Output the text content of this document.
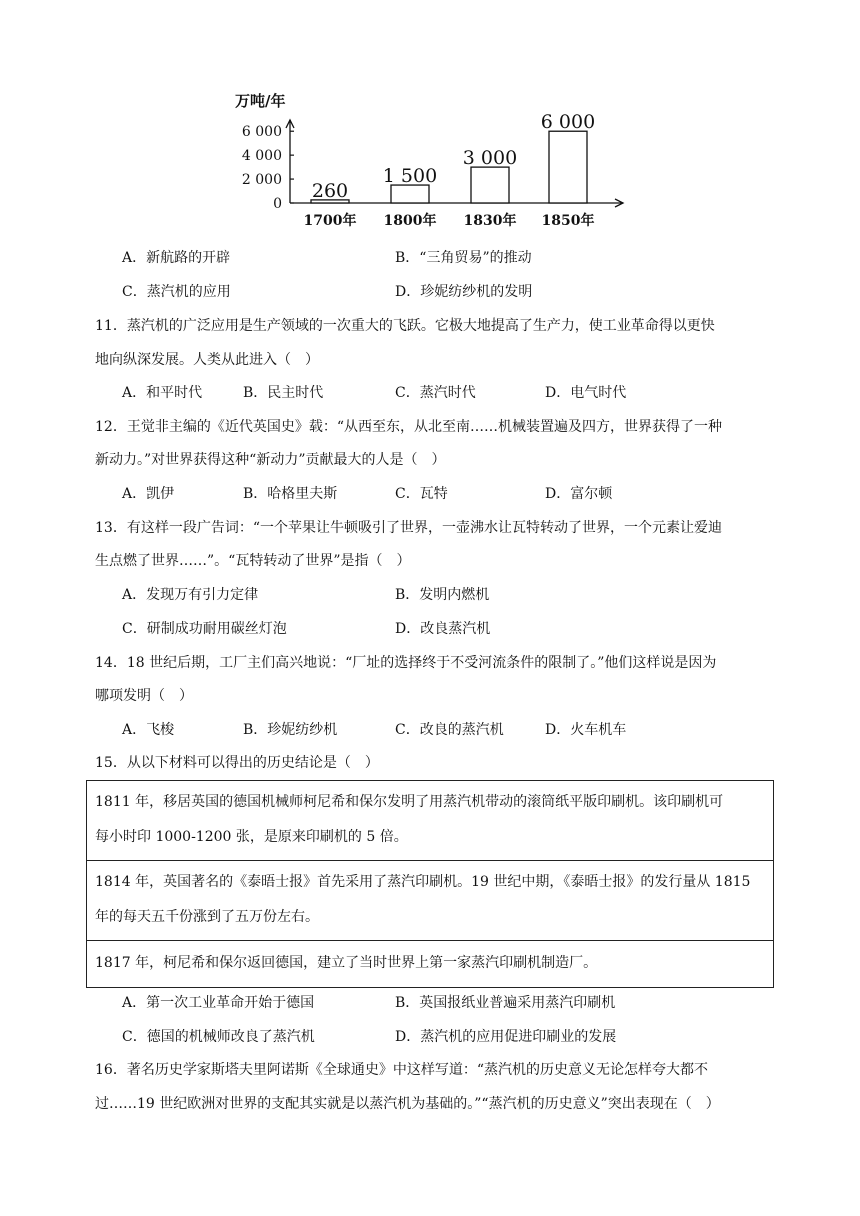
万吨/年
0
2 000
4 000
6 000
260
1700年
1 500
1800年
3 000
1830年
6 000
1850年
A．新航路的开辟	B．“三角贸易”的推动
C．蒸汽机的应用	D．珍妮纺纱机的发明
11．蒸汽机的广泛应用是生产领域的一次重大的飞跃。它极大地提高了生产力，使工业革命得以更快
地向纵深发展。人类从此进入（　）
A．和平时代	B．民主时代	C．蒸汽时代	D．电气时代
12．王觉非主编的《近代英国史》载：“从西至东，从北至南……机械装置遍及四方，世界获得了一种
新动力。”对世界获得这种“新动力”贡献最大的人是（　）
A．凯伊	B．哈格里夫斯	C．瓦特	D．富尔顿
13．有这样一段广告词：“一个苹果让牛顿吸引了世界，一壶沸水让瓦特转动了世界，一个元素让爱迪
生点燃了世界……”。“瓦特转动了世界”是指（　）
A．发现万有引力定律	B．发明内燃机
C．研制成功耐用碳丝灯泡	D．改良蒸汽机
14．18 世纪后期，工厂主们高兴地说：“厂址的选择终于不受河流条件的限制了。”他们这样说是因为
哪项发明（　）
A．飞梭	B．珍妮纺纱机	C．改良的蒸汽机	D．火车机车
15．从以下材料可以得出的历史结论是（　）
1811 年，移居英国的德国机械师柯尼希和保尔发明了用蒸汽机带动的滚筒纸平版印刷机。该印刷机可
每小时印 1000-1200 张，是原来印刷机的 5 倍。
1814 年，英国著名的《泰晤士报》首先采用了蒸汽印刷机。19 世纪中期，《泰晤士报》的发行量从 1815
年的每天五千份涨到了五万份左右。
1817 年，柯尼希和保尔返回德国，建立了当时世界上第一家蒸汽印刷机制造厂。
A．第一次工业革命开始于德国	B．英国报纸业普遍采用蒸汽印刷机
C．德国的机械师改良了蒸汽机	D．蒸汽机的应用促进印刷业的发展
16．著名历史学家斯塔夫里阿诺斯《全球通史》中这样写道：“蒸汽机的历史意义无论怎样夸大都不
过……19 世纪欧洲对世界的支配其实就是以蒸汽机为基础的。”“蒸汽机的历史意义”突出表现在（　）
